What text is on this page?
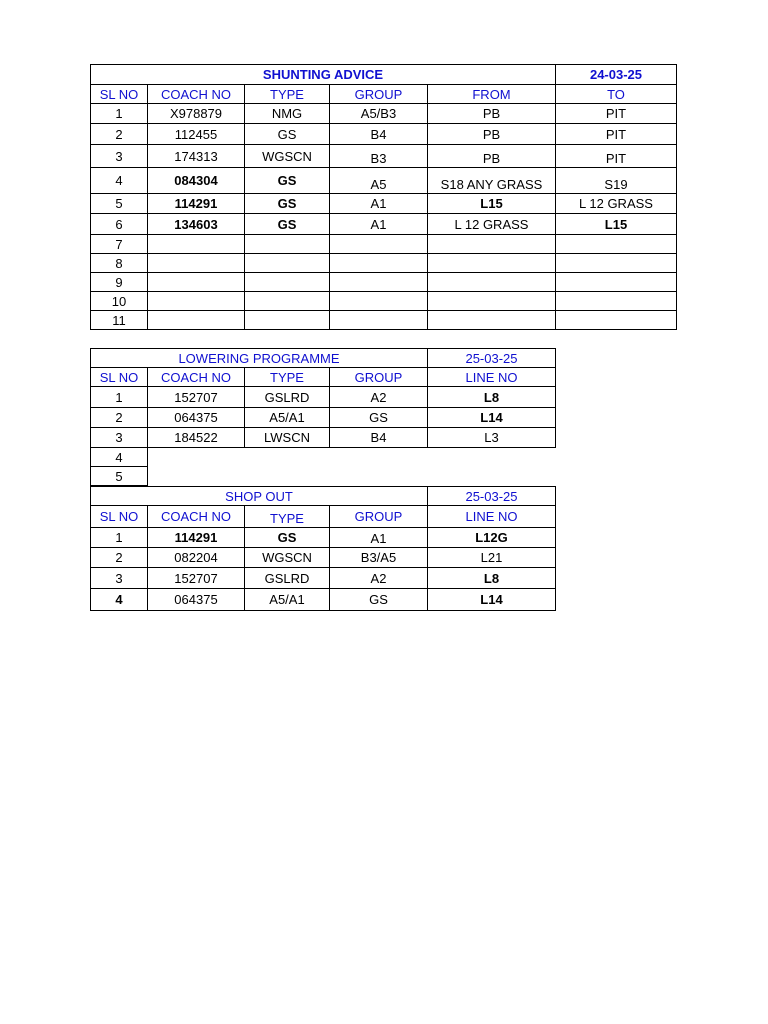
SHUNTING ADVICE					24-03-25
SL NO	COACH NO	TYPE	GROUP	FROM	TO
1	X978879	NMG	A5/B3	PB	PIT
2	112455	GS	B4	PB	PIT
3	174313	WGSCN	B3	PB	PIT
4	084304	GS	A5	S18 ANY GRASS	S19
5	114291	GS	A1	L15	L 12 GRASS
6	134603	GS	A1	L 12 GRASS	L15
7					
8					
9					
10					
11					
LOWERING PROGRAMME				25-03-25
SL NO	COACH NO	TYPE	GROUP	LINE NO
1	152707	GSLRD	A2	L8
2	064375	A5/A1	GS	L14
3	184522	LWSCN	B4	L3
4				
5				
SHOP OUT				25-03-25
SL NO	COACH NO	TYPE	GROUP	LINE NO
1	114291	GS	A1	L12G
2	082204	WGSCN	B3/A5	L21
3	152707	GSLRD	A2	L8
4	064375	A5/A1	GS	L14
